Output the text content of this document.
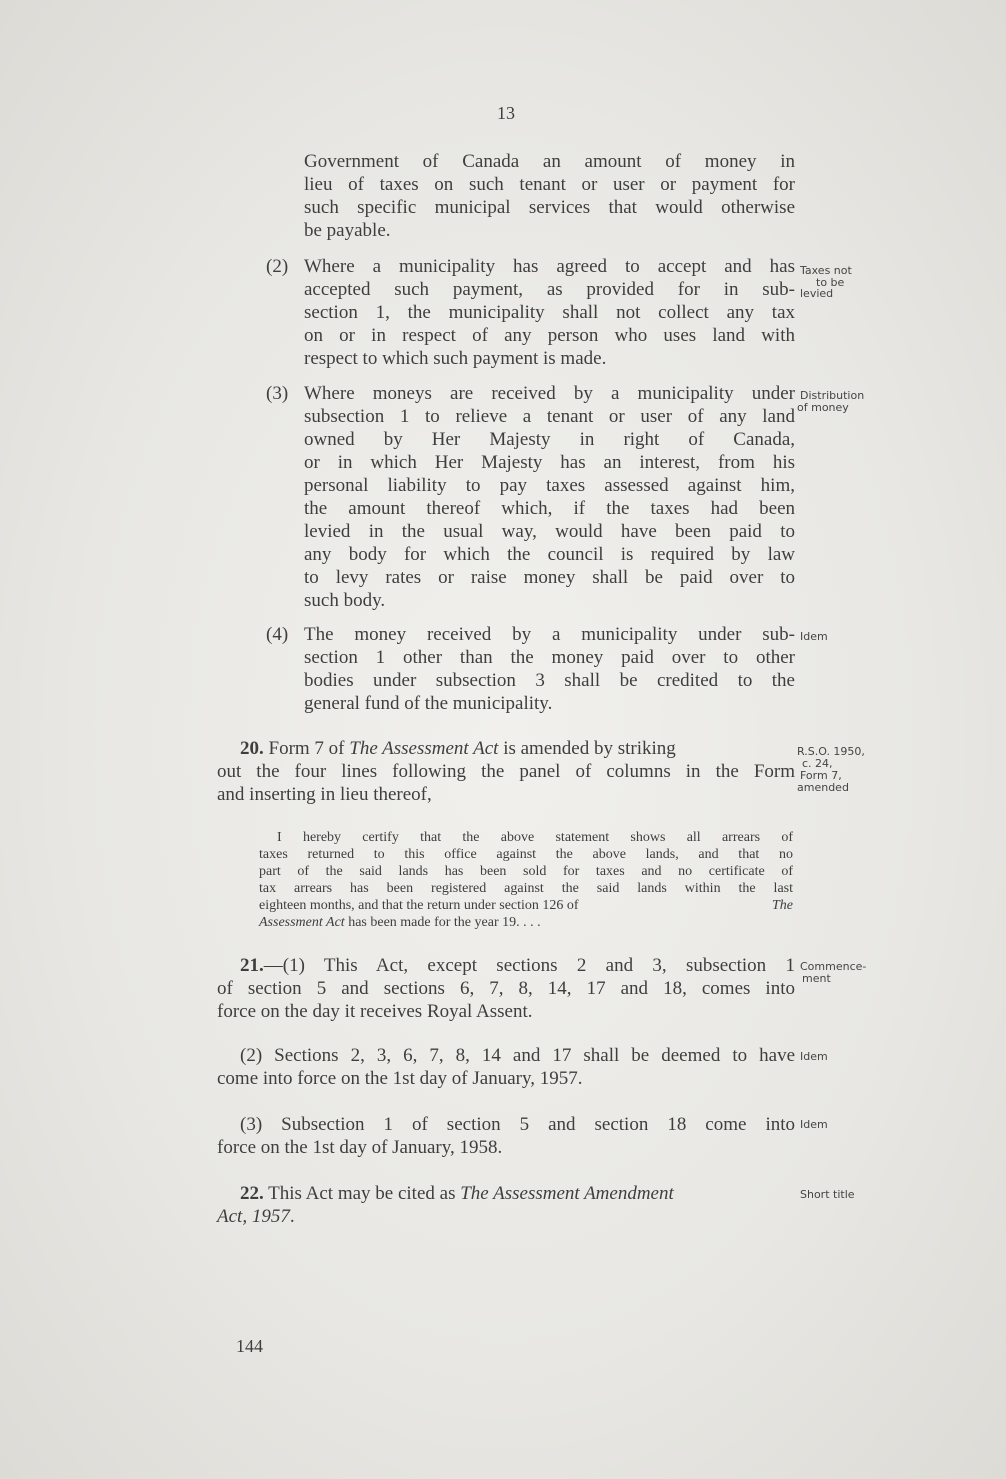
13
Government of Canada an amount of money in
lieu of taxes on such tenant or user or payment for
such specific municipal services that would otherwise
be payable.
(2) Where a municipality has agreed to accept and has
accepted such payment, as provided for in sub-
section 1, the municipality shall not collect any tax
on or in respect of any person who uses land with
respect to which such payment is made.
Taxes not
to be
levied
(3) Where moneys are received by a municipality under
subsection 1 to relieve a tenant or user of any land
owned by Her Majesty in right of Canada,
or in which Her Majesty has an interest, from his
personal liability to pay taxes assessed against him,
the amount thereof which, if the taxes had been
levied in the usual way, would have been paid to
any body for which the council is required by law
to levy rates or raise money shall be paid over to
such body.
Distribution
of money
(4) The money received by a municipality under sub-
section 1 other than the money paid over to other
bodies under subsection 3 shall be credited to the
general fund of the municipality.
Idem
20. Form 7 of The Assessment Act is amended by striking
out the four lines following the panel of columns in the Form
and inserting in lieu thereof,
R.S.O. 1950,
c. 24,
Form 7,
amended
I hereby certify that the above statement shows all arrears of
taxes returned to this office against the above lands, and that no
part of the said lands has been sold for taxes and no certificate of
tax arrears has been registered against the said lands within the last
eighteen months, and that the return under section 126 of	The
Assessment Act has been made for the year 19. . . .
21. —(1) This Act, except sections 2 and 3, subsection 1
of section 5 and sections 6, 7, 8, 14, 17 and 18, comes into
force on the day it receives Royal Assent.
Commence-
ment
(2) Sections 2, 3, 6, 7, 8, 14 and 17 shall be deemed to have
come into force on the 1st day of January, 1957.
Idem
(3) Subsection 1 of section 5 and section 18 come into
force on the 1st day of January, 1958.
Idem
22. This Act may be cited as The Assessment Amendment
Act, 1957.
Short title
144
